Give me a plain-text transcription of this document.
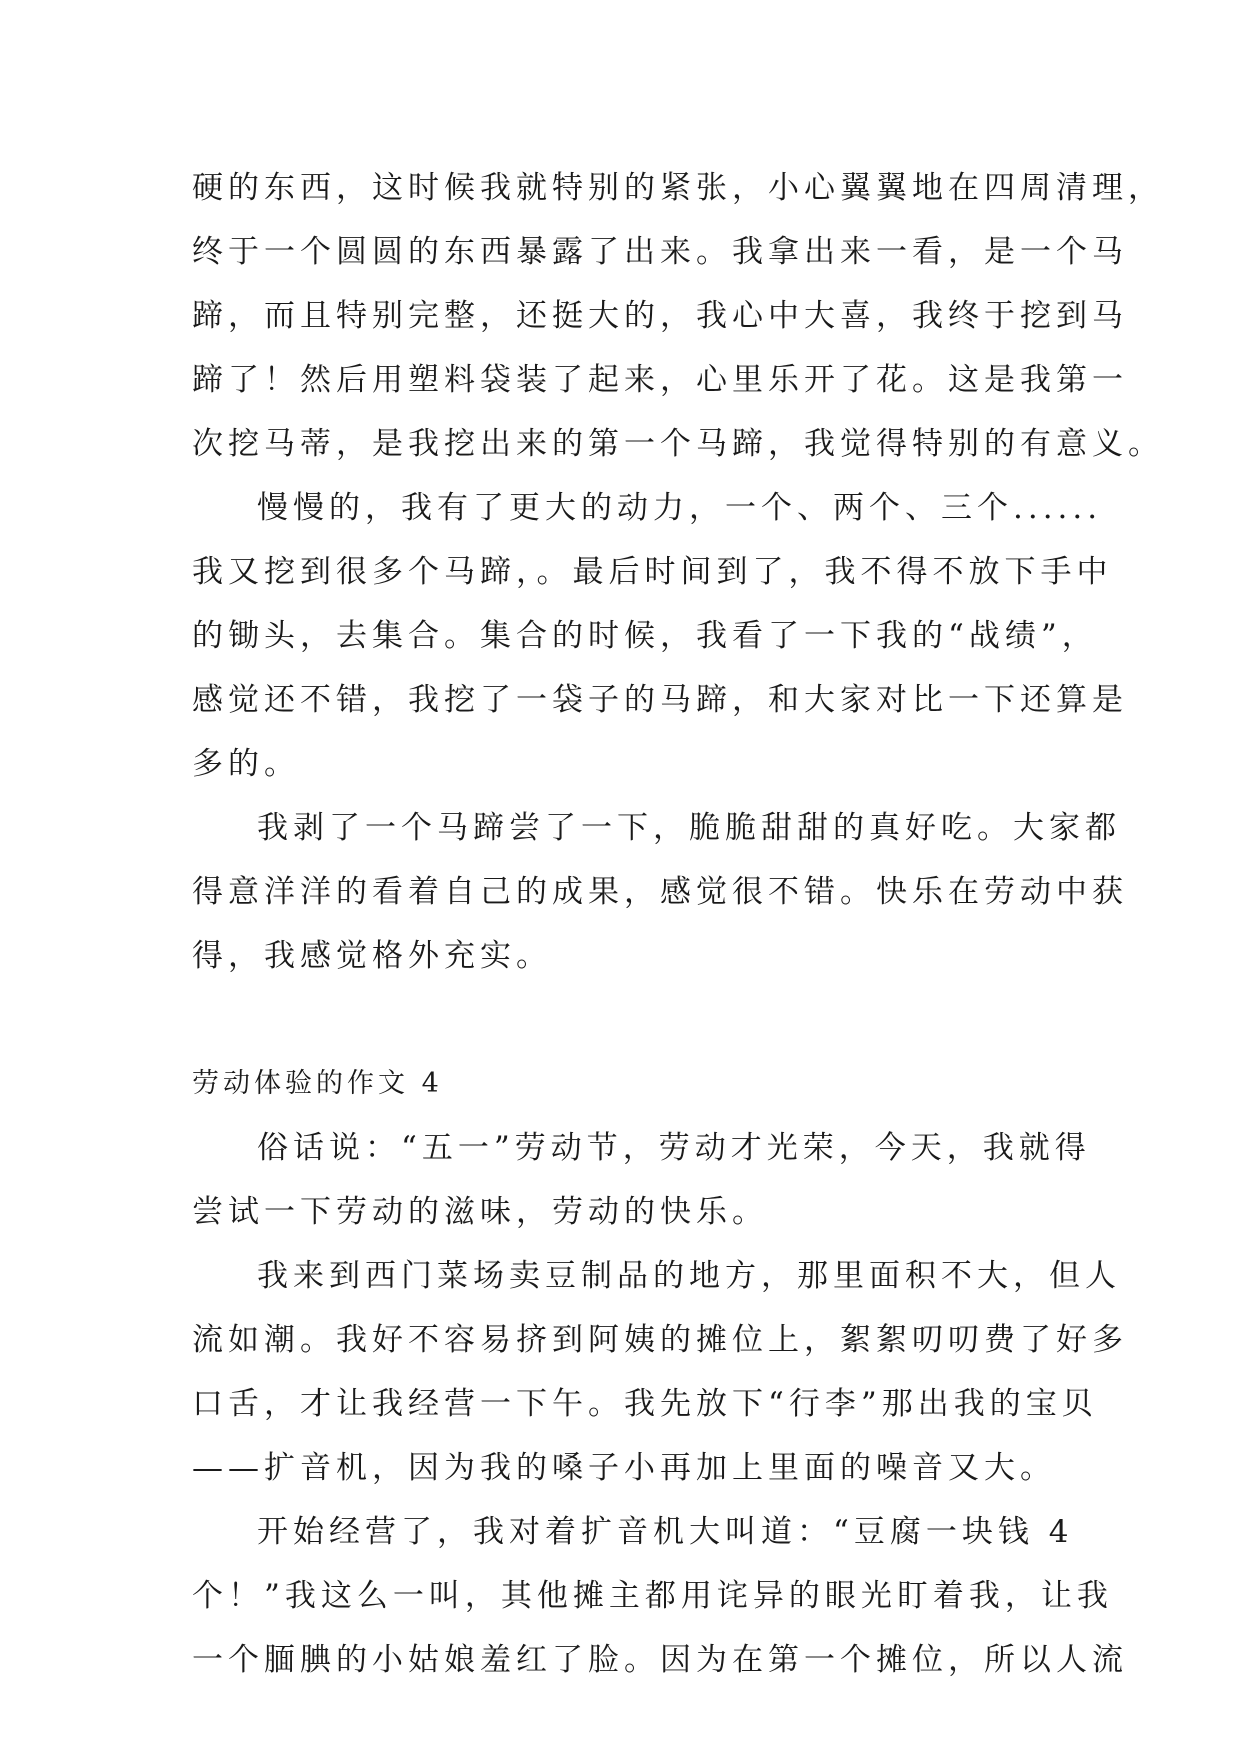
硬的东西，这时候我就特别的紧张，小心翼翼地在四周清理，
终于一个圆圆的东西暴露了出来。我拿出来一看，是一个马
蹄，而且特别完整，还挺大的，我心中大喜，我终于挖到马
蹄了！然后用塑料袋装了起来，心里乐开了花。这是我第一
次挖马蒂，是我挖出来的第一个马蹄，我觉得特别的有意义。
慢慢的，我有了更大的动力，一个、两个、三个......
我又挖到很多个马蹄，。最后时间到了，我不得不放下手中
的锄头，去集合。集合的时候，我看了一下我的“战绩”，
感觉还不错，我挖了一袋子的马蹄，和大家对比一下还算是
多的。
我剥了一个马蹄尝了一下，脆脆甜甜的真好吃。大家都
得意洋洋的看着自己的成果，感觉很不错。快乐在劳动中获
得，我感觉格外充实。
劳动体验的作文 4
俗话说：“五一”劳动节，劳动才光荣，今天，我就得
尝试一下劳动的滋味，劳动的快乐。
我来到西门菜场卖豆制品的地方，那里面积不大，但人
流如潮。我好不容易挤到阿姨的摊位上，絮絮叨叨费了好多
口舌，才让我经营一下午。我先放下“行李”那出我的宝贝
——扩音机，因为我的嗓子小再加上里面的噪音又大。
开始经营了，我对着扩音机大叫道：“豆腐一块钱 4
个！”我这么一叫，其他摊主都用诧异的眼光盯着我，让我
一个腼腆的小姑娘羞红了脸。因为在第一个摊位，所以人流
